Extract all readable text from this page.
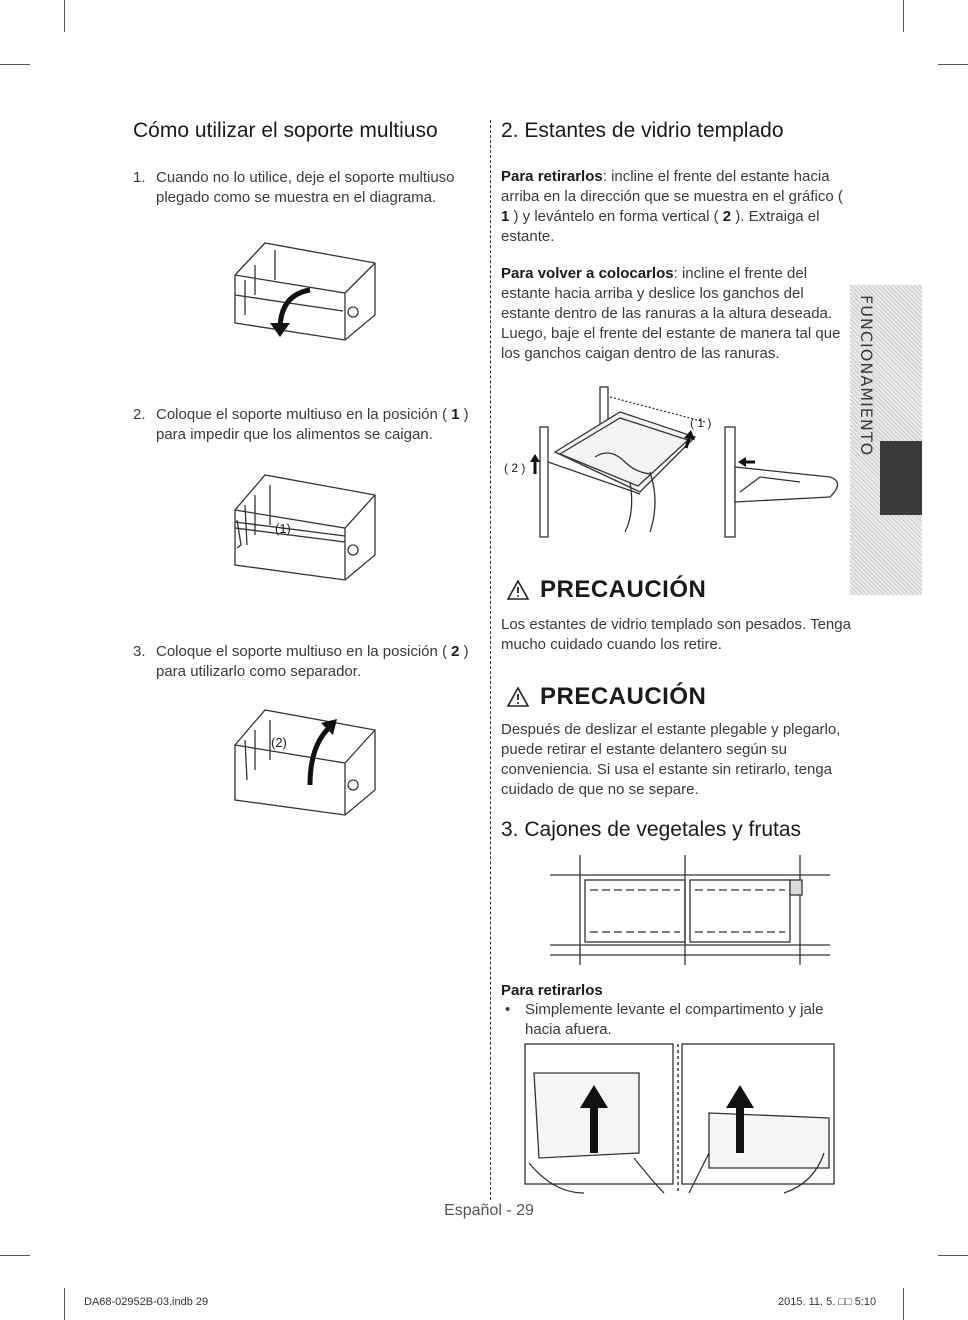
Cómo utilizar el soporte multiuso
1. Cuando no lo utilice, deje el soporte multiuso plegado como se muestra en el diagrama.
2. Coloque el soporte multiuso en la posición ( 1 ) para impedir que los alimentos se caigan.
(1)
3. Coloque el soporte multiuso en la posición ( 2 ) para utilizarlo como separador.
(2)
2. Estantes de vidrio templado
Para retirarlos: incline el frente del estante hacia arriba en la dirección que se muestra en el gráfico ( 1 ) y levántelo en forma vertical ( 2 ). Extraiga el estante.
Para volver a colocarlos: incline el frente del estante hacia arriba y deslice los ganchos del estante dentro de las ranuras a la altura deseada. Luego, baje el frente del estante de manera tal que los ganchos caigan dentro de las ranuras.
( 1 )
( 2 )
PRECAUCIÓN
Los estantes de vidrio templado son pesados. Tenga mucho cuidado cuando los retire.
PRECAUCIÓN
Después de deslizar el estante plegable y plegarlo, puede retirar el estante delantero según su conveniencia. Si usa el estante sin retirarlo, tenga cuidado de que no se separe.
3. Cajones de vegetales y frutas
Para retirarlos
• Simplemente levante el compartimento y jale hacia afuera.
FUNCIONAMIENTO
Español - 29
DA68-02952B-03.indb 29	2015. 11. 5. □□ 5:10
